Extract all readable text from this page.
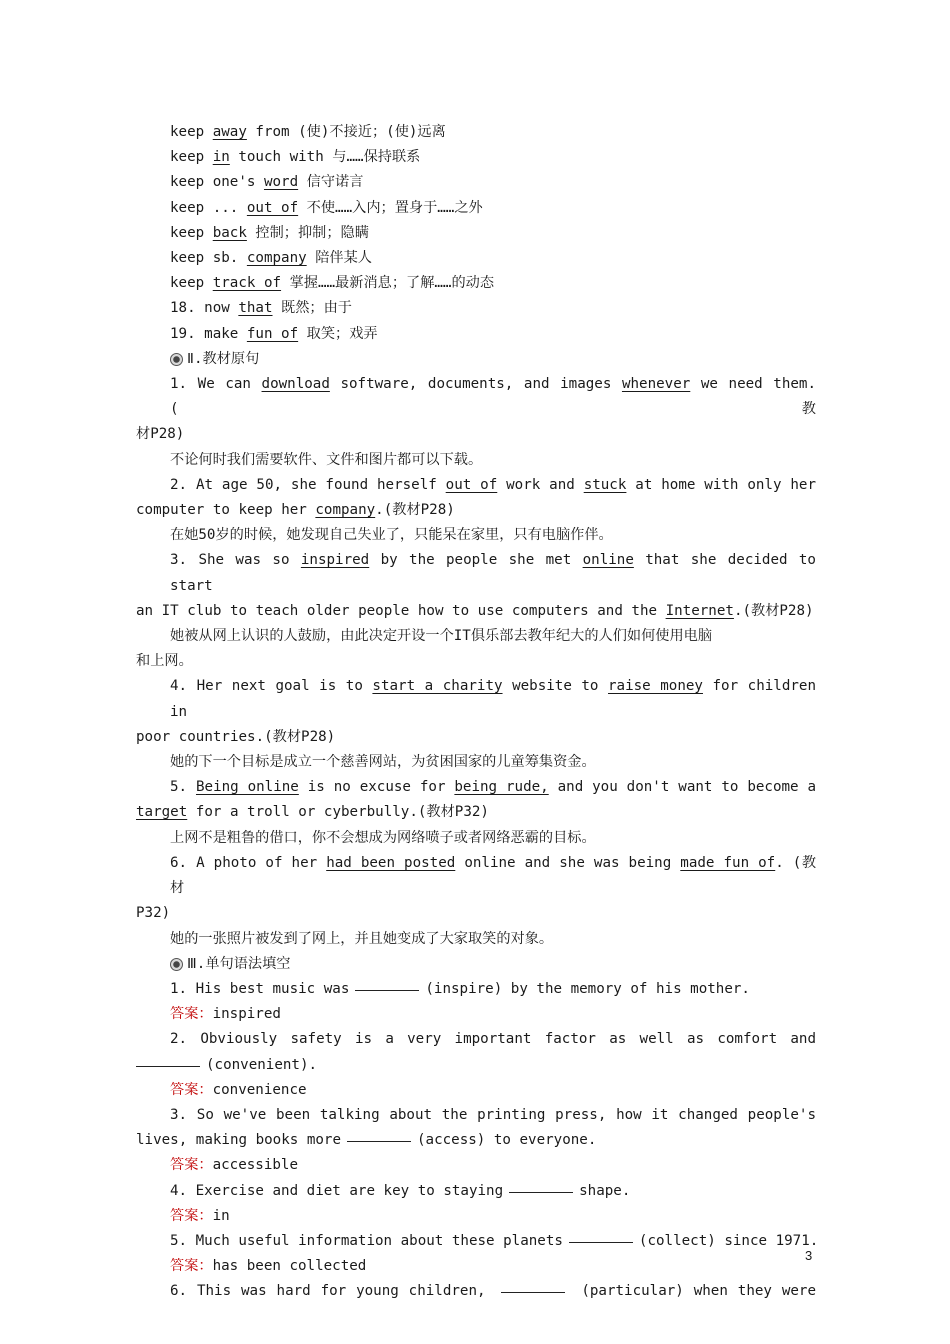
keep away from (使)不接近；(使)远离
keep in touch with 与……保持联系
keep one's word 信守诺言
keep ... out of 不使……入内；置身于……之外
keep back 控制；抑制；隐瞒
keep sb. company 陪伴某人
keep track of 掌握……最新消息；了解……的动态
18. now that 既然；由于
19. make fun of 取笑；戏弄
Ⅱ.教材原句
1. We can download software, documents, and images whenever we need them.(教
材P28)
不论何时我们需要软件、文件和图片都可以下载。
2. At age 50, she found herself out of work and stuck at home with only her
computer to keep her company.(教材P28)
在她50岁的时候，她发现自己失业了，只能呆在家里，只有电脑作伴。
3. She was so inspired by the people she met online that she decided to start
an IT club to teach older people how to use computers and the Internet.(教材P28)
她被从网上认识的人鼓励，由此决定开设一个IT俱乐部去教年纪大的人们如何使用电脑
和上网。
4. Her next goal is to start a charity website to raise money for children in
poor countries.(教材P28)
她的下一个目标是成立一个慈善网站，为贫困国家的儿童筹集资金。
5. Being online is no excuse for being rude, and you don't want to become a
target for a troll or cyberbully.(教材P32)
上网不是粗鲁的借口，你不会想成为网络喷子或者网络恶霸的目标。
6. A photo of her had been posted online and she was being made fun of. (教材
P32)
她的一张照片被发到了网上，并且她变成了大家取笑的对象。
Ⅲ.单句语法填空
1. His best music was	(inspire) by the memory of his mother.
答案：inspired
2. Obviously safety is a very important factor as well as comfort and
(convenient).
答案：convenience
3. So we've been talking about the printing press, how it changed people's
lives, making books more	(access) to everyone.
答案：accessible
4. Exercise and diet are key to staying	shape.
答案：in
5. Much useful information about these planets	(collect) since 1971.
答案：has been collected
6. This was hard for young children,	(particular) when they were
3
